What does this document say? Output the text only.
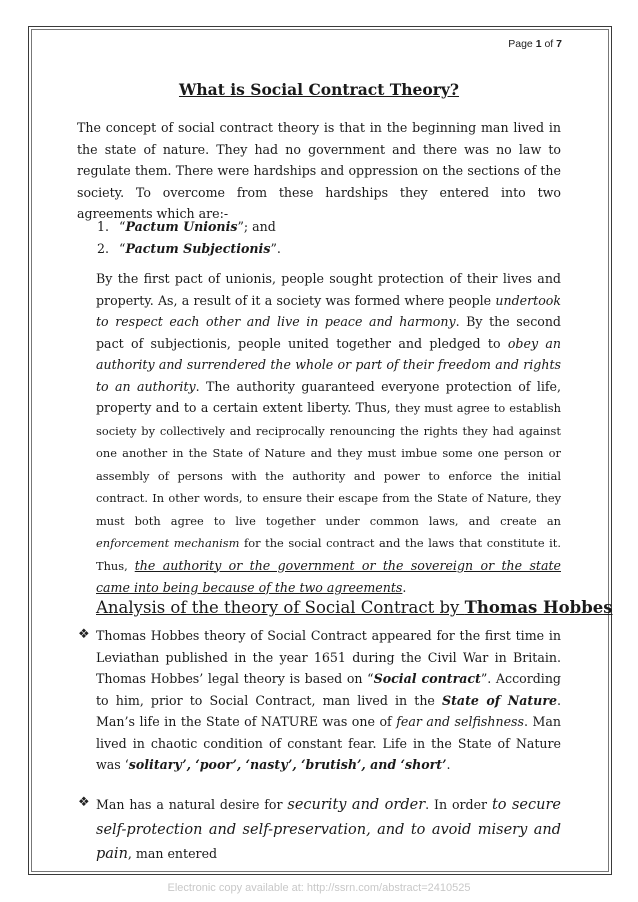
Page 1 of 7
What is Social Contract Theory?
The concept of social contract theory is that in the beginning man lived in the state of nature. They had no government and there was no law to regulate them. There were hardships and oppression on the sections of the society. To overcome from these hardships they entered into two agreements which are:-
1. “Pactum Unionis”; and
2. “Pactum Subjectionis”.
By the first pact of unionis, people sought protection of their lives and property. As, a result of it a society was formed where people undertook to respect each other and live in peace and harmony. By the second pact of subjectionis, people united together and pledged to obey an authority and surrendered the whole or part of their freedom and rights to an authority. The authority guaranteed everyone protection of life, property and to a certain extent liberty. Thus, they must agree to establish society by collectively and reciprocally renouncing the rights they had against one another in the State of Nature and they must imbue some one person or assembly of persons with the authority and power to enforce the initial contract. In other words, to ensure their escape from the State of Nature, they must both agree to live together under common laws, and create an enforcement mechanism for the social contract and the laws that constitute it. Thus, the authority or the government or the sovereign or the state came into being because of the two agreements.
Analysis of the theory of Social Contract by Thomas Hobbes
❖ Thomas Hobbes theory of Social Contract appeared for the first time in Leviathan published in the year 1651 during the Civil War in Britain. Thomas Hobbes’ legal theory is based on “Social contract”. According to him, prior to Social Contract, man lived in the State of Nature. Man’s life in the State of NATURE was one of fear and selfishness. Man lived in chaotic condition of constant fear. Life in the State of Nature was ‘solitary’, ‘poor’, ‘nasty’, ‘brutish’, and ‘short’.
❖ Man has a natural desire for security and order. In order to secure self-protection and self-preservation, and to avoid misery and pain, man entered
Electronic copy available at: http://ssrn.com/abstract=2410525
